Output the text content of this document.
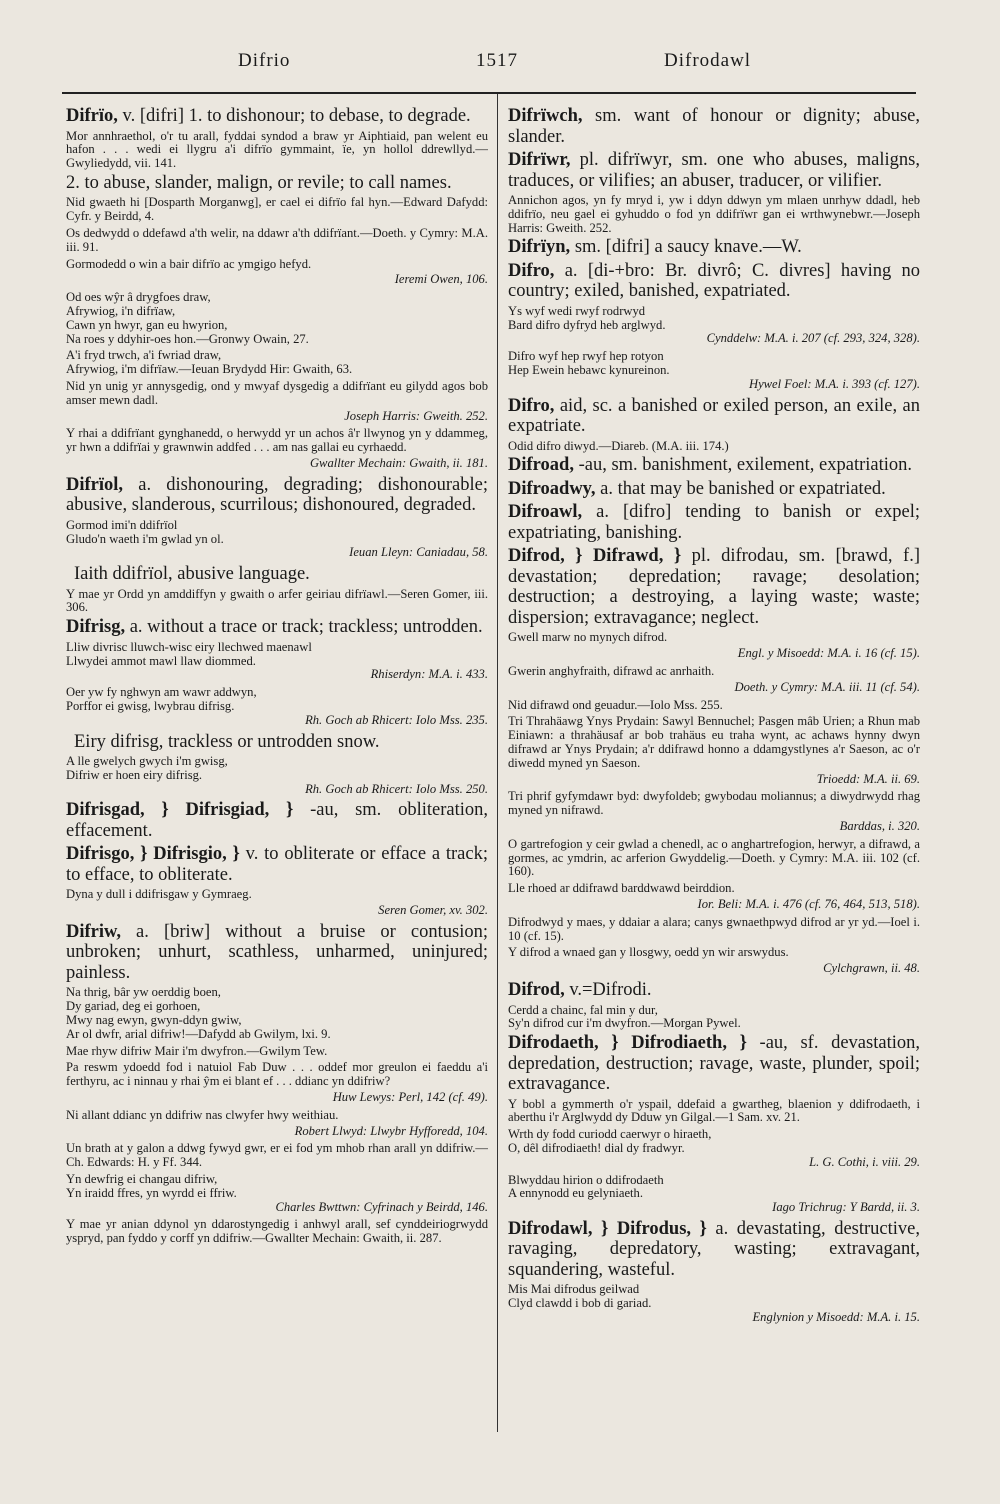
Difrio	1517	Difrodawl
Difrïo, v. [difri] 1. to dishonour; to debase, to degrade.
Mor annhraethol, o'r tu arall, fyddai syndod a braw yr Aiphtiaid, pan welent eu hafon . . . wedi ei llygru a'i difrïo gymmaint, ïe, yn hollol ddrewllyd.—Gwyliedydd, vii. 141.
2. to abuse, slander, malign, or revile; to call names.
Nid gwaeth hi [Dosparth Morganwg], er cael ei difrïo fal hyn.—Edward Dafydd: Cyfr. y Beirdd, 4.
Os dedwydd o ddefawd a'th welir, na ddawr a'th ddifrïant.—Doeth. y Cymry: M.A. iii. 91.
Gormodedd o win a bair difrïo ac ymgigo hefyd.
Ieremi Owen, 106.
Od oes wŷr â drygfoes draw,
Afrywiog, i'n difrïaw,
Cawn yn hwyr, gan eu hwyrion,
Na roes y ddyhir-oes hon.—Gronwy Owain, 27.
A'i fryd trwch, a'i fwriad draw,
Afrywiog, i'm difrïaw.—Ieuan Brydydd Hir: Gwaith, 63.
Nid yn unig yr annysgedig, ond y mwyaf dysgedig a ddifrïant eu gilydd agos bob amser mewn dadl.
Joseph Harris: Gweith. 252.
Y rhai a ddifrïant gynghanedd, o herwydd yr un achos â'r llwynog yn y ddammeg, yr hwn a ddifrïai y grawnwin addfed . . . am nas gallai eu cyrhaedd.
Gwallter Mechain: Gwaith, ii. 181.
Difrïol, a. dishonouring, degrading; dishonourable; abusive, slanderous, scurrilous; dishonoured, degraded.
Gormod imi'n ddifrïol
Gludo'n waeth i'm gwlad yn ol.
Ieuan Lleyn: Caniadau, 58.
Iaith ddifrïol, abusive language.
Y mae yr Ordd yn amddiffyn y gwaith o arfer geiriau difrïawl.—Seren Gomer, iii. 306.
Difrisg, a. without a trace or track; trackless; untrodden.
Lliw divrisc lluwch-wisc eiry llechwed maenawl
Llwydei ammot mawl llaw diommed.
Rhiserdyn: M.A. i. 433.
Oer yw fy nghwyn am wawr addwyn,
Porffor ei gwisg, lwybrau difrisg.
Rh. Goch ab Rhicert: Iolo Mss. 235.
Eiry difrisg, trackless or untrodden snow.
A lle gwelych gwych i'm gwisg,
Difriw er hoen eiry difrisg.
Rh. Goch ab Rhicert: Iolo Mss. 250.
Difrisgad, } Difrisgiad, } -au, sm. obliteration, effacement.
Difrisgo, } Difrisgio, } v. to obliterate or efface a track; to efface, to obliterate.
Dyna y dull i ddifrisgaw y Gymraeg.
Seren Gomer, xv. 302.
Difriw, a. [briw] without a bruise or contusion; unbroken; unhurt, scathless, unharmed, uninjured; painless.
Na thrig, bâr yw oerddig boen,
Dy gariad, deg ei gorhoen,
Mwy nag ewyn, gwyn-ddyn gwiw,
Ar ol dwfr, arial difriw!—Dafydd ab Gwilym, lxi. 9.
Mae rhyw difriw Mair i'm dwyfron.—Gwilym Tew.
Pa reswm ydoedd fod i natuiol Fab Duw . . . oddef mor greulon ei faeddu a'i ferthyru, ac i ninnau y rhai ŷm ei blant ef . . . ddianc yn ddifriw?
Huw Lewys: Perl, 142 (cf. 49).
Ni allant ddianc yn ddifriw nas clwyfer hwy weithiau.
Robert Llwyd: Llwybr Hyfforedd, 104.
Un brath at y galon a ddwg fywyd gwr, er ei fod ym mhob rhan arall yn ddifriw.—Ch. Edwards: H. y Ff. 344.
Yn dewfrig ei changau difriw,
Yn iraidd ffres, yn wyrdd ei ffriw.
Charles Bwttwn: Cyfrinach y Beirdd, 146.
Y mae yr anian ddynol yn ddarostyngedig i anhwyl arall, sef cynddeiriogrwydd yspryd, pan fyddo y corff yn ddifriw.—Gwallter Mechain: Gwaith, ii. 287.
Difrïwch, sm. want of honour or dignity; abuse, slander.
Difrïwr, pl. difrïwyr, sm. one who abuses, maligns, traduces, or vilifies; an abuser, traducer, or vilifier.
Annichon agos, yn fy mryd i, yw i ddyn ddwyn ym mlaen unrhyw ddadl, heb ddifrïo, neu gael ei gyhuddo o fod yn ddifrïwr gan ei wrthwynebwr.—Joseph Harris: Gweith. 252.
Difrïyn, sm. [difri] a saucy knave.—W.
Difro, a. [di-+bro: Br. divrô; C. divres] having no country; exiled, banished, expatriated.
Ys wyf wedi rwyf rodrwyd
Bard difro dyfryd heb arglwyd.
Cynddelw: M.A. i. 207 (cf. 293, 324, 328).
Difro wyf hep rwyf hep rotyon
Hep Ewein hebawc kynureinon.
Hywel Foel: M.A. i. 393 (cf. 127).
Difro, aid, sc. a banished or exiled person, an exile, an expatriate.
Odid difro diwyd.—Diareb. (M.A. iii. 174.)
Difroad, -au, sm. banishment, exilement, expatriation.
Difroadwy, a. that may be banished or expatriated.
Difroawl, a. [difro] tending to banish or expel; expatriating, banishing.
Difrod, } Difrawd, } pl. difrodau, sm. [brawd, f.] devastation; depredation; ravage; desolation; destruction; a destroying, a laying waste; waste; dispersion; extravagance; neglect.
Gwell marw no mynych difrod.
Engl. y Misoedd: M.A. i. 16 (cf. 15).
Gwerin anghyfraith, difrawd ac anrhaith.
Doeth. y Cymry: M.A. iii. 11 (cf. 54).
Nid difrawd ond geuadur.—Iolo Mss. 255.
Tri Thrahäawg Ynys Prydain: Sawyl Bennuchel; Pasgen mâb Urien; a Rhun mab Einiawn: a thrahäusaf ar bob trahäus eu traha wynt, ac achaws hynny dwyn difrawd ar Ynys Prydain; a'r ddifrawd honno a ddamgystlynes a'r Saeson, ac o'r diwedd myned yn Saeson.
Trioedd: M.A. ii. 69.
Tri phrif gyfymdawr byd: dwyfoldeb; gwybodau moliannus; a diwydrwydd rhag myned yn nifrawd.
Barddas, i. 320.
O gartrefogion y ceir gwlad a chenedl, ac o anghartrefogion, herwyr, a difrawd, a gormes, ac ymdrin, ac arferion Gwyddelig.—Doeth. y Cymry: M.A. iii. 102 (cf. 160).
Lle rhoed ar ddifrawd barddwawd beirddion.
Ior. Beli: M.A. i. 476 (cf. 76, 464, 513, 518).
Difrodwyd y maes, y ddaiar a alara; canys gwnaethpwyd difrod ar yr yd.—Ioel i. 10 (cf. 15).
Y difrod a wnaed gan y llosgwy, oedd yn wir arswydus.
Cylchgrawn, ii. 48.
Difrod, v.=Difrodi.
Cerdd a chainc, fal min y dur,
Sy'n difrod cur i'm dwyfron.—Morgan Pywel.
Difrodaeth, } Difrodiaeth, } -au, sf. devastation, depredation, destruction; ravage, waste, plunder, spoil; extravagance.
Y bobl a gymmerth o'r yspail, ddefaid a gwartheg, blaenion y ddifrodaeth, i aberthu i'r Arglwydd dy Dduw yn Gilgal.—1 Sam. xv. 21.
Wrth dy fodd curiodd caerwyr o hiraeth,
O, dêl difrodiaeth! dial dy fradwyr.
L. G. Cothi, i. viii. 29.
Blwyddau hirion o ddifrodaeth
A ennynodd eu gelyniaeth.
Iago Trichrug: Y Bardd, ii. 3.
Difrodawl, } Difrodus, } a. devastating, destructive, ravaging, depredatory, wasting; extravagant, squandering, wasteful.
Mis Mai difrodus geilwad
Clyd clawdd i bob di gariad.
Englynion y Misoedd: M.A. i. 15.
